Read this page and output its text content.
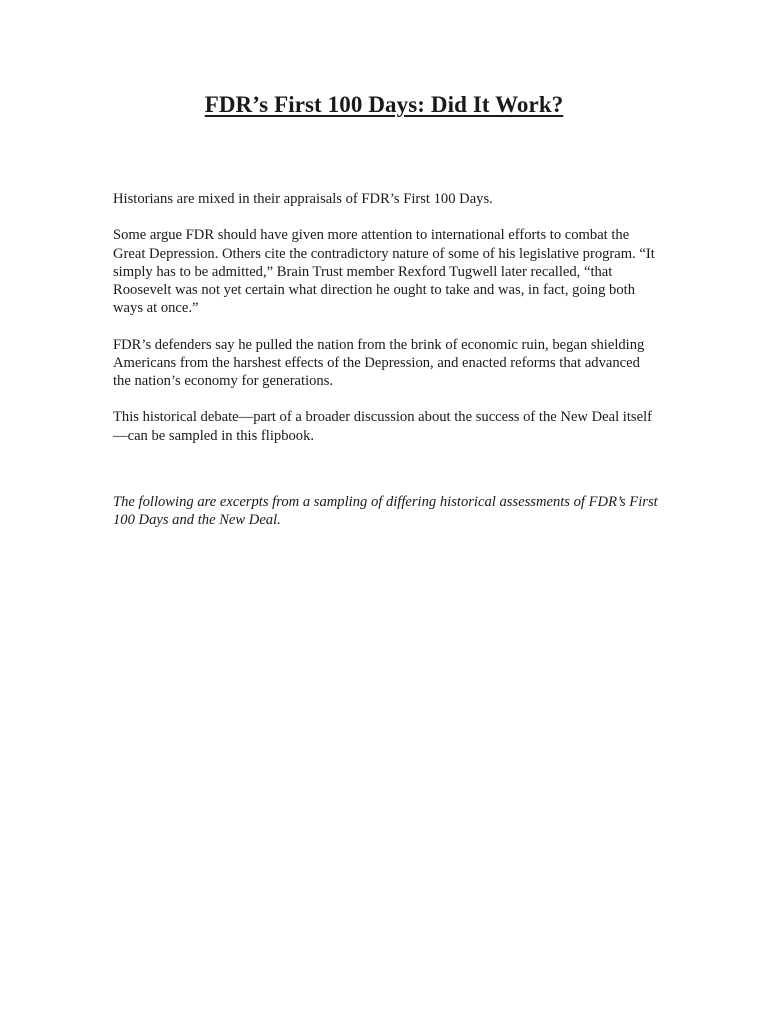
FDR’s First 100 Days: Did It Work?

Historians are mixed in their appraisals of FDR’s First 100 Days.

Some argue FDR should have given more attention to international efforts to combat the Great Depression. Others cite the contradictory nature of some of his legislative program. “It simply has to be admitted,” Brain Trust member Rexford Tugwell later recalled, “that Roosevelt was not yet certain what direction he ought to take and was, in fact, going both ways at once.”

FDR’s defenders say he pulled the nation from the brink of economic ruin, began shielding Americans from the harshest effects of the Depression, and enacted reforms that advanced the nation’s economy for generations.

This historical debate—part of a broader discussion about the success of the New Deal itself—can be sampled in this flipbook.

The following are excerpts from a sampling of differing historical assessments of FDR’s First 100 Days and the New Deal.
